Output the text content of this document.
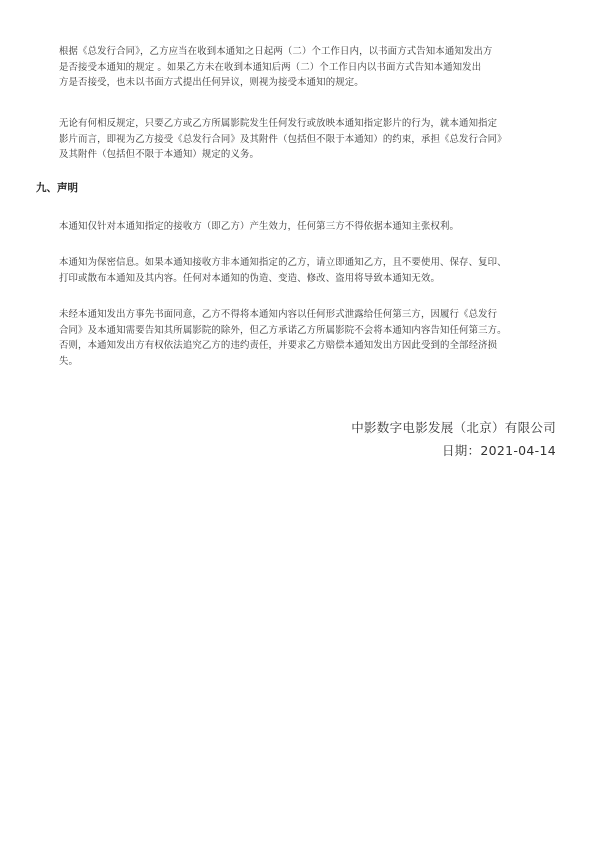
根据《总发行合同》，乙方应当在收到本通知之日起两（二）个工作日内，以书面方式告知本通知发出方
是否接受本通知的规定 。如果乙方未在收到本通知后两（二）个工作日内以书面方式告知本通知发出
方是否接受，也未以书面方式提出任何异议，则视为接受本通知的规定。

无论有何相反规定，只要乙方或乙方所属影院发生任何发行或放映本通知指定影片的行为，就本通知指定
影片而言，即视为乙方接受《总发行合同》及其附件（包括但不限于本通知）的约束，承担《总发行合同》
及其附件（包括但不限于本通知）规定的义务。

九、声明

本通知仅针对本通知指定的接收方（即乙方）产生效力，任何第三方不得依据本通知主张权利。

本通知为保密信息。如果本通知接收方非本通知指定的乙方，请立即通知乙方，且不要使用、保存、复印、
打印或散布本通知及其内容。任何对本通知的伪造、变造、修改、盗用将导致本通知无效。

未经本通知发出方事先书面同意，乙方不得将本通知内容以任何形式泄露给任何第三方，因履行《总发行
合同》及本通知需要告知其所属影院的除外，但乙方承诺乙方所属影院不会将本通知内容告知任何第三方。
否则，本通知发出方有权依法追究乙方的违约责任，并要求乙方赔偿本通知发出方因此受到的全部经济损
失。

中影数字电影发展（北京）有限公司
日期：2021-04-14
